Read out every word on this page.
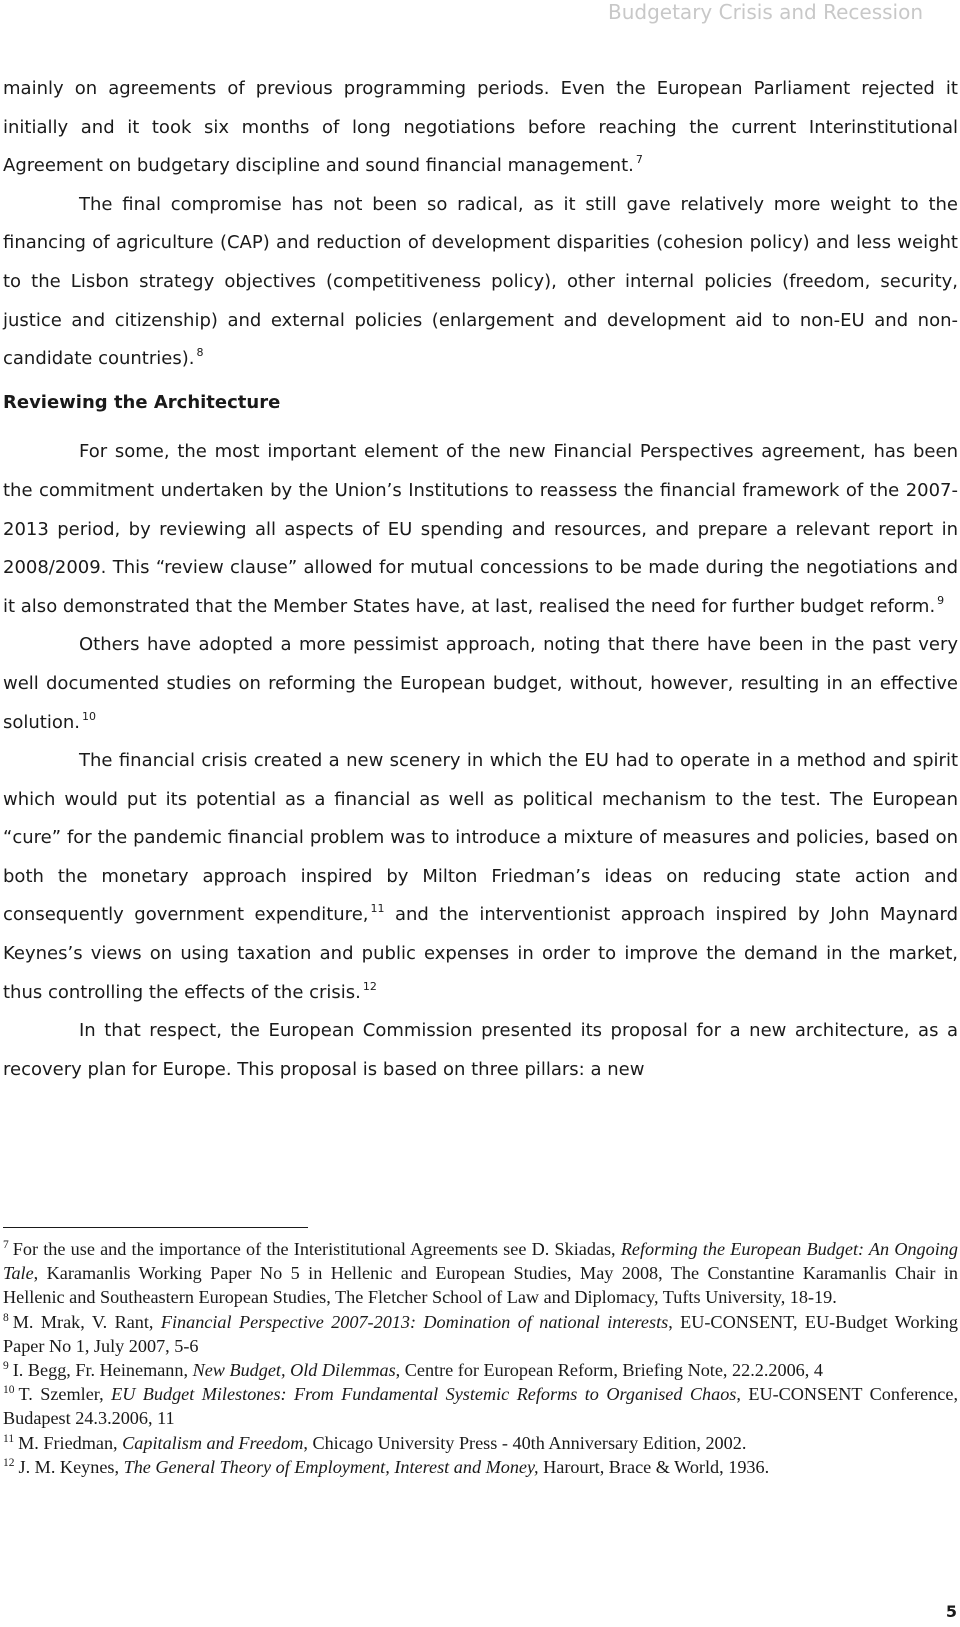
Budgetary Crisis and Recession

mainly on agreements of previous programming periods. Even the European Parliament rejected it initially and it took six months of long negotiations before reaching the current Interinstitutional Agreement on budgetary discipline and sound financial management. $^7$

The final compromise has not been so radical, as it still gave relatively more weight to the financing of agriculture (CAP) and reduction of development disparities (cohesion policy) and less weight to the Lisbon strategy objectives (competitiveness policy), other internal policies (freedom, security, justice and citizenship) and external policies (enlargement and development aid to non-EU and non-candidate countries). $^8$

Reviewing the Architecture

For some, the most important element of the new Financial Perspectives agreement, has been the commitment undertaken by the Union’s Institutions to reassess the financial framework of the 2007-2013 period, by reviewing all aspects of EU spending and resources, and prepare a relevant report in 2008/2009. This “review clause” allowed for mutual concessions to be made during the negotiations and it also demonstrated that the Member States have, at last, realised the need for further budget reform. $^9$

Others have adopted a more pessimist approach, noting that there have been in the past very well documented studies on reforming the European budget, without, however, resulting in an effective solution. $^{10}$

The financial crisis created a new scenery in which the EU had to operate in a method and spirit which would put its potential as a financial as well as political mechanism to the test. The European “cure” for the pandemic financial problem was to introduce a mixture of measures and policies, based on both the monetary approach inspired by Milton Friedman’s ideas on reducing state action and consequently government expenditure, $^{11}$ and the interventionist approach inspired by John Maynard Keynes’s views on using taxation and public expenses in order to improve the demand in the market, thus controlling the effects of the crisis. $^{12}$

In that respect, the European Commission presented its proposal for a new architecture, as a recovery plan for Europe. This proposal is based on three pillars: a new

$^7$ For the use and the importance of the Interistitutional Agreements see D. Skiadas, Reforming the European Budget: An Ongoing Tale, Karamanlis Working Paper No 5 in Hellenic and European Studies, May 2008, The Constantine Karamanlis Chair in Hellenic and Southeastern European Studies, The Fletcher School of Law and Diplomacy, Tufts University, 18-19.

$^8$ M. Mrak, V. Rant, Financial Perspective 2007-2013: Domination of national interests, EU-CONSENT, EU-Budget Working Paper No 1, July 2007, 5-6

$^9$ I. Begg, Fr. Heinemann, New Budget, Old Dilemmas, Centre for European Reform, Briefing Note, 22.2.2006, 4

$^{10}$ T. Szemler, EU Budget Milestones: From Fundamental Systemic Reforms to Organised Chaos, EU-CONSENT Conference, Budapest 24.3.2006, 11

$^{11}$ M. Friedman, Capitalism and Freedom, Chicago University Press - 40th Anniversary Edition, 2002.

$^{12}$ J. M. Keynes, The General Theory of Employment, Interest and Money, Harourt, Brace & World, 1936.

5
